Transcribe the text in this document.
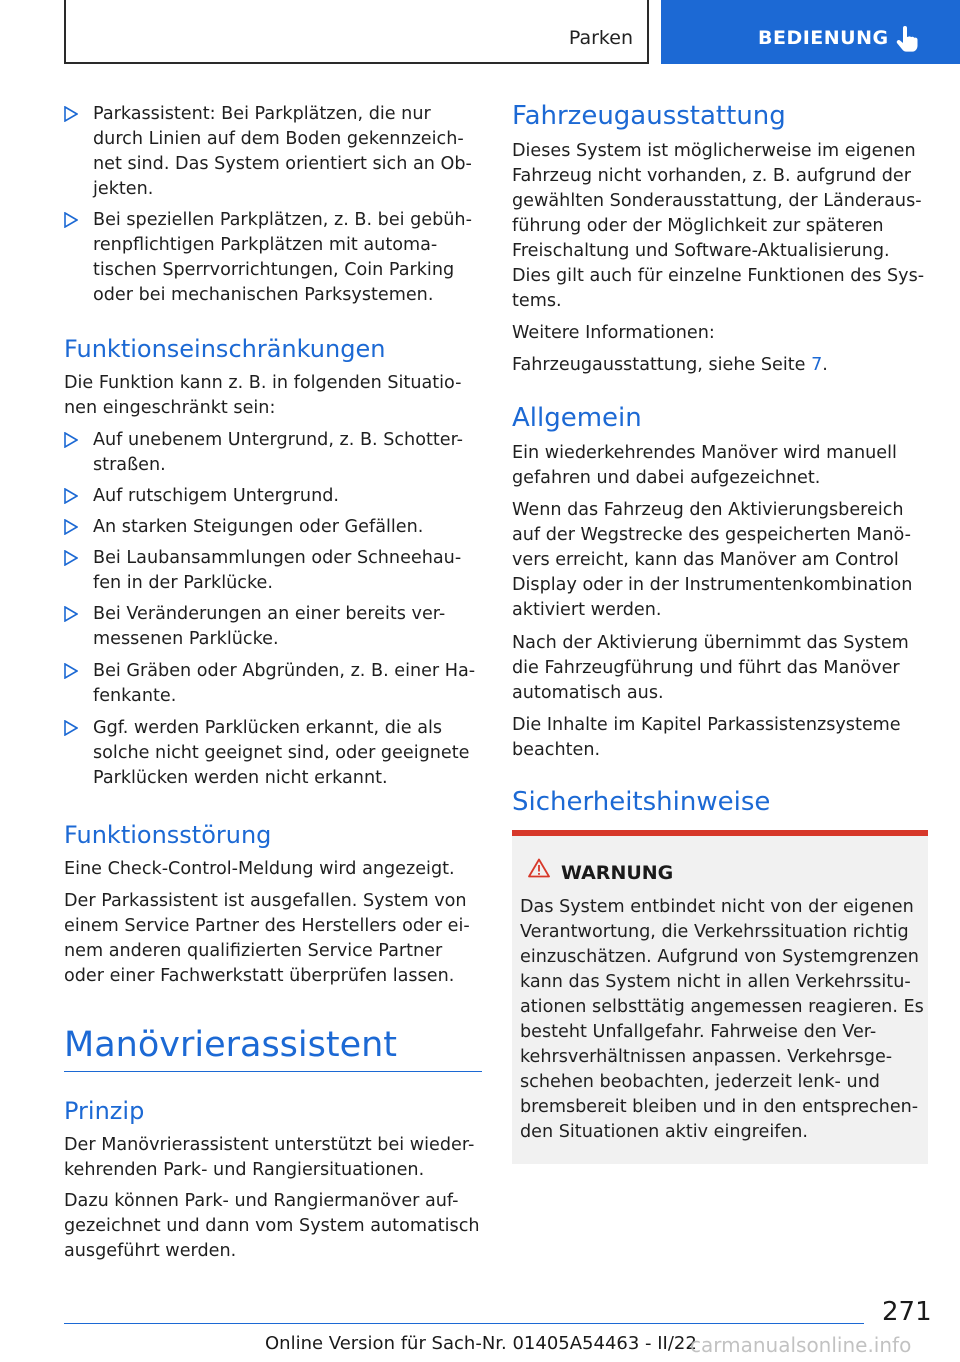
Parken	BEDIENUNG
Parkassistent: Bei Parkplätzen, die nur durch Linien auf dem Boden gekennzeich-net sind. Das System orientiert sich an Ob-jekten.
Bei speziellen Parkplätzen, z. B. bei gebüh-renpflichtigen Parkplätzen mit automa-tischen Sperrvorrichtungen, Coin Parking oder bei mechanischen Parksystemen.
Funktionseinschränkungen
Die Funktion kann z. B. in folgenden Situatio-nen eingeschränkt sein:
Auf unebenem Untergrund, z. B. Schotter-straßen.
Auf rutschigem Untergrund.
An starken Steigungen oder Gefällen.
Bei Laubansammlungen oder Schneehau-fen in der Parklücke.
Bei Veränderungen an einer bereits ver-messenen Parklücke.
Bei Gräben oder Abgründen, z. B. einer Ha-fenkante.
Ggf. werden Parklücken erkannt, die als solche nicht geeignet sind, oder geeignete Parklücken werden nicht erkannt.
Funktionsstörung
Eine Check-Control-Meldung wird angezeigt.
Der Parkassistent ist ausgefallen. System von einem Service Partner des Herstellers oder ei-nem anderen qualifizierten Service Partner oder einer Fachwerkstatt überprüfen lassen.
Manövrierassistent
Prinzip
Der Manövrierassistent unterstützt bei wieder-kehrenden Park- und Rangiersituationen.
Dazu können Park- und Rangiermanöver auf-gezeichnet und dann vom System automatisch ausgeführt werden.
Fahrzeugausstattung
Dieses System ist möglicherweise im eigenen Fahrzeug nicht vorhanden, z. B. aufgrund der gewählten Sonderausstattung, der Länderaus-führung oder der Möglichkeit zur späteren Freischaltung und Software-Aktualisierung. Dies gilt auch für einzelne Funktionen des Sys-tems.
Weitere Informationen:
Fahrzeugausstattung, siehe Seite 7.
Allgemein
Ein wiederkehrendes Manöver wird manuell gefahren und dabei aufgezeichnet.
Wenn das Fahrzeug den Aktivierungsbereich auf der Wegstrecke des gespeicherten Manö-vers erreicht, kann das Manöver am Control Display oder in der Instrumentenkombination aktiviert werden.
Nach der Aktivierung übernimmt das System die Fahrzeugführung und führt das Manöver automatisch aus.
Die Inhalte im Kapitel Parkassistenzsysteme beachten.
Sicherheitshinweise
WARNUNG
Das System entbindet nicht von der eigenen Verantwortung, die Verkehrssituation richtig einzuschätzen. Aufgrund von Systemgrenzen kann das System nicht in allen Verkehrssitu-ationen selbsttätig angemessen reagieren. Es besteht Unfallgefahr. Fahrweise den Ver-kehrsverhältnissen anpassen. Verkehrsge-schehen beobachten, jederzeit lenk- und bremsbereit bleiben und in den entsprechen-den Situationen aktiv eingreifen.
271
Online Version für Sach-Nr. 01405A54463 - II/22
carmanualsonline.info
